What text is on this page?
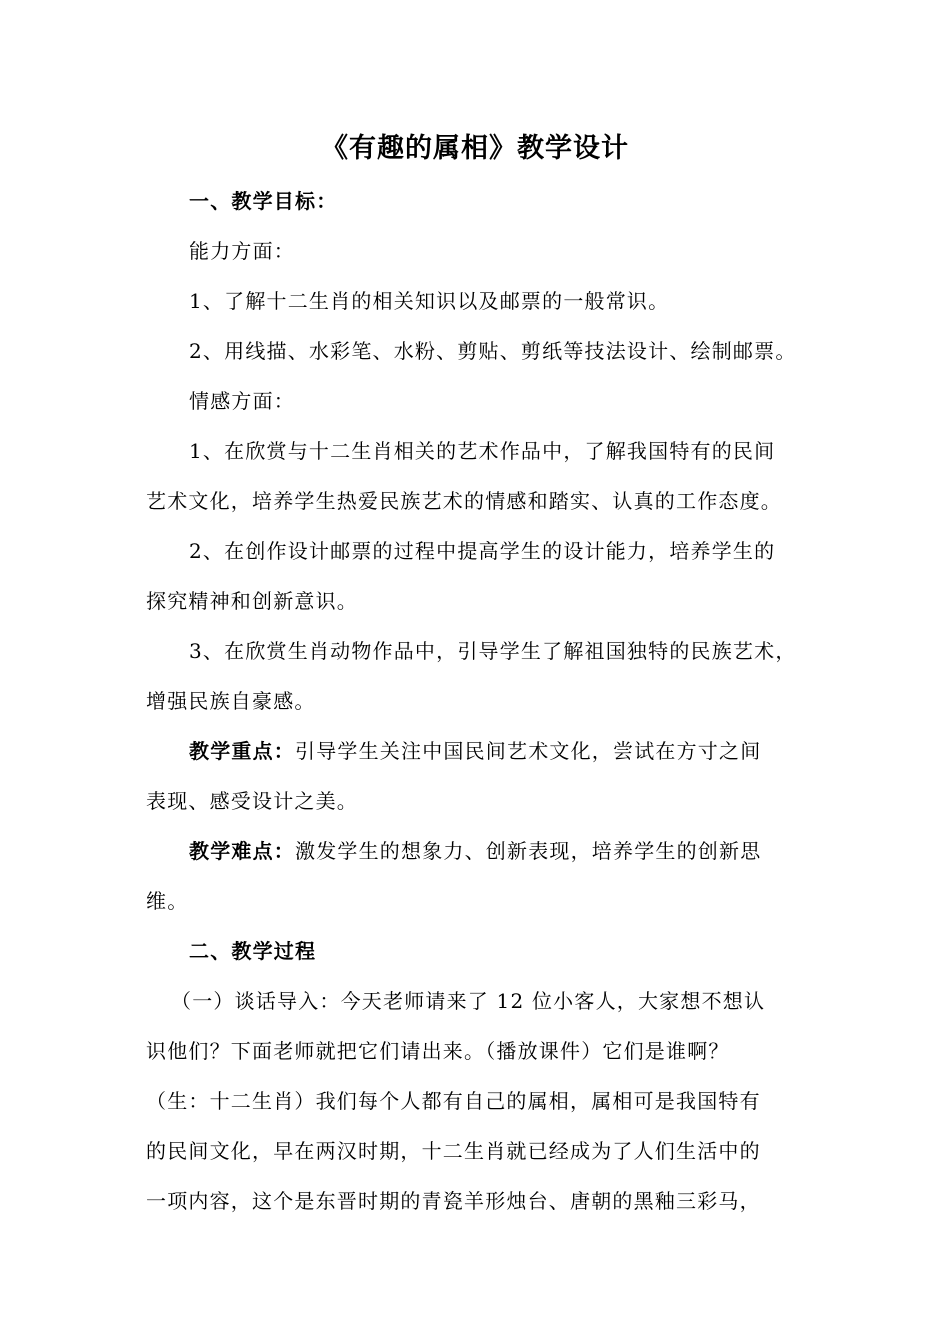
《有趣的属相》教学设计
一、教学目标：
能力方面：
1、了解十二生肖的相关知识以及邮票的一般常识。
2、用线描、水彩笔、水粉、剪贴、剪纸等技法设计、绘制邮票。
情感方面：
1、在欣赏与十二生肖相关的艺术作品中，了解我国特有的民间
艺术文化，培养学生热爱民族艺术的情感和踏实、认真的工作态度。
2、在创作设计邮票的过程中提高学生的设计能力，培养学生的
探究精神和创新意识。
3、在欣赏生肖动物作品中，引导学生了解祖国独特的民族艺术，
增强民族自豪感。
教学重点：引导学生关注中国民间艺术文化，尝试在方寸之间
表现、感受设计之美。
教学难点：激发学生的想象力、创新表现，培养学生的创新思
维。
二、教学过程
（一）谈话导入：今天老师请来了 12 位小客人，大家想不想认
识他们？下面老师就把它们请出来。（播放课件）它们是谁啊？
（生：十二生肖）我们每个人都有自己的属相，属相可是我国特有
的民间文化，早在两汉时期，十二生肖就已经成为了人们生活中的
一项内容，这个是东晋时期的青瓷羊形烛台、唐朝的黑釉三彩马，
